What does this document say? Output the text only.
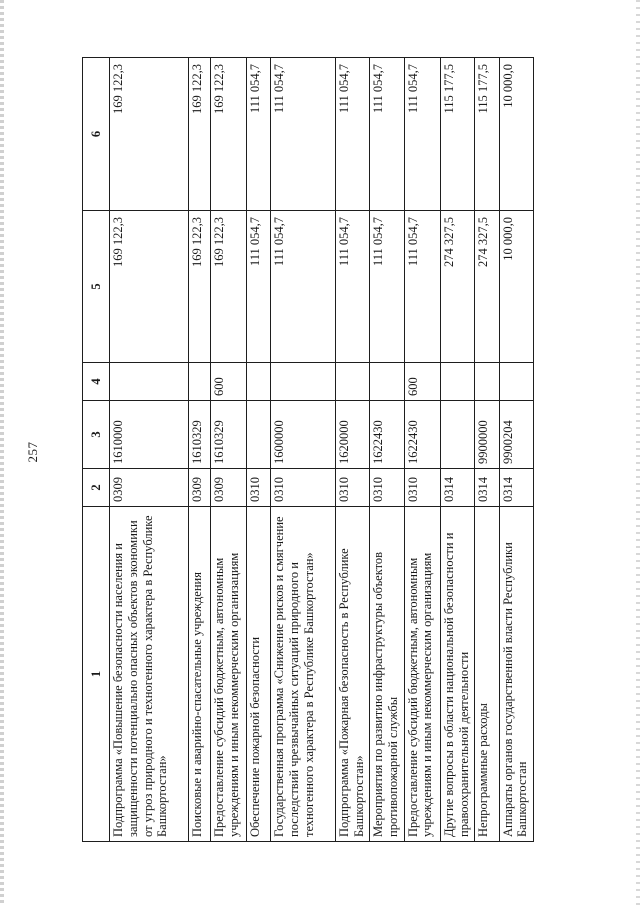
257
1	2	3	4	5	6
Подпрограмма «Повышение безопасности населения и защищенности потенциально опасных объектов экономики от угроз природного и техногенного характера в Республике Башкортостан»	0309	1610000		169 122,3	169 122,3
Поисковые и аварийно-спасательные учреждения	0309	1610329		169 122,3	169 122,3
Предоставление субсидий бюджетным, автономным учреждениям и иным некоммерческим организациям	0309	1610329	600	169 122,3	169 122,3
Обеспечение пожарной безопасности	0310			111 054,7	111 054,7
Государственная программа «Снижение рисков и смягчение последствий чрезвычайных ситуаций природного и техногенного характера в Республике Башкортостан»	0310	1600000		111 054,7	111 054,7
Подпрограмма «Пожарная безопасность в Республике Башкортостан»	0310	1620000		111 054,7	111 054,7
Мероприятия по развитию инфраструктуры объектов противопожарной службы	0310	1622430		111 054,7	111 054,7
Предоставление субсидий бюджетным, автономным учреждениям и иным некоммерческим организациям	0310	1622430	600	111 054,7	111 054,7
Другие вопросы в области национальной безопасности и правоохранительной деятельности	0314			274 327,5	115 177,5
Непрограммные расходы	0314	9900000		274 327,5	115 177,5
Аппараты органов государственной власти Республики Башкортостан	0314	9900204		10 000,0	10 000,0
